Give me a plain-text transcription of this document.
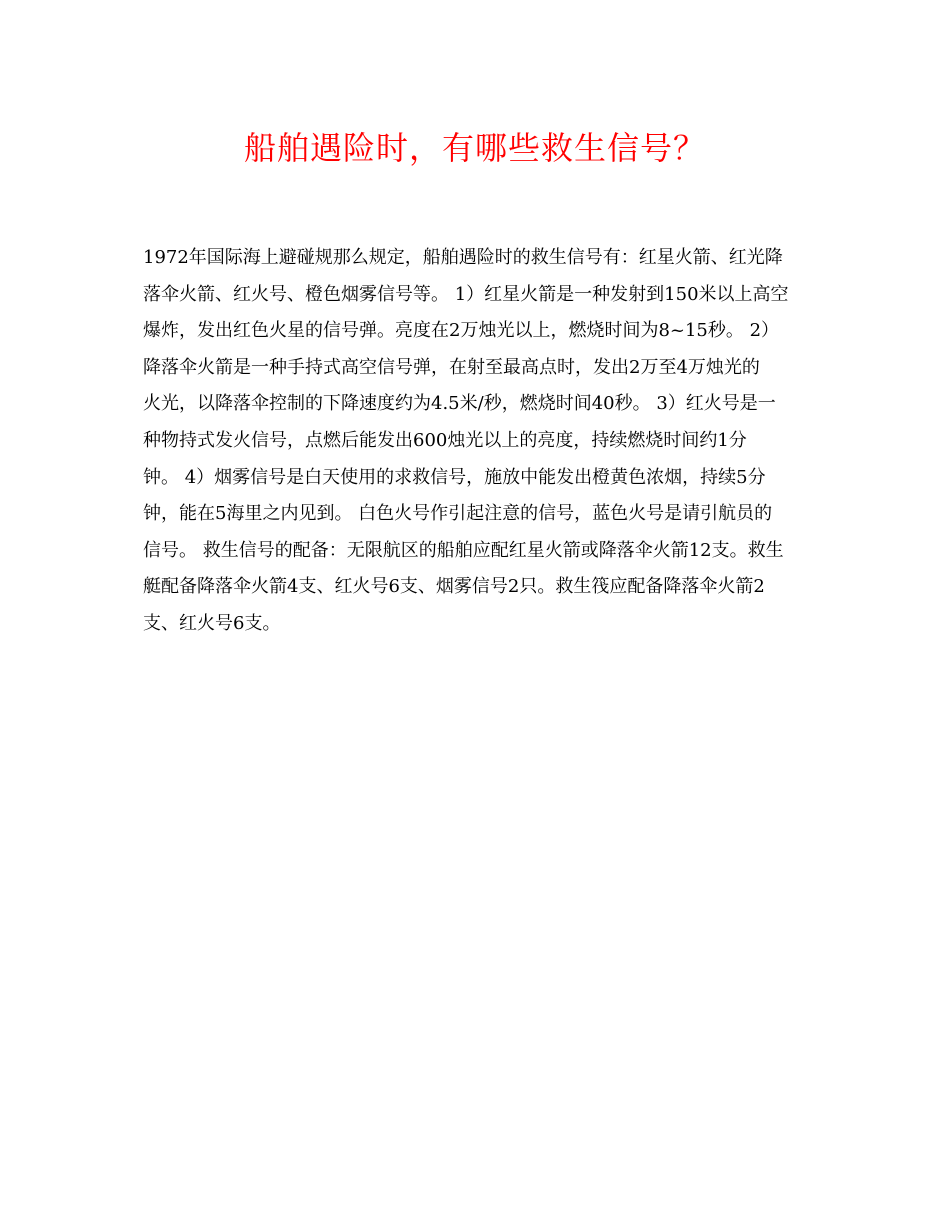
船舶遇险时，有哪些救生信号？
1972年国际海上避碰规那么规定，船舶遇险时的救生信号有：红星火箭、红光降
落伞火箭、红火号、橙色烟雾信号等。 1）红星火箭是一种发射到150米以上高空
爆炸，发出红色火星的信号弹。亮度在2万烛光以上，燃烧时间为8~15秒。 2）
降落伞火箭是一种手持式高空信号弹，在射至最高点时，发出2万至4万烛光的
火光，以降落伞控制的下降速度约为4.5米/秒，燃烧时间40秒。 3）红火号是一
种物持式发火信号，点燃后能发出600烛光以上的亮度，持续燃烧时间约1分
钟。 4）烟雾信号是白天使用的求救信号，施放中能发出橙黄色浓烟，持续5分
钟，能在5海里之内见到。 白色火号作引起注意的信号，蓝色火号是请引航员的
信号。 救生信号的配备：无限航区的船舶应配红星火箭或降落伞火箭12支。救生
艇配备降落伞火箭4支、红火号6支、烟雾信号2只。救生筏应配备降落伞火箭2
支、红火号6支。
